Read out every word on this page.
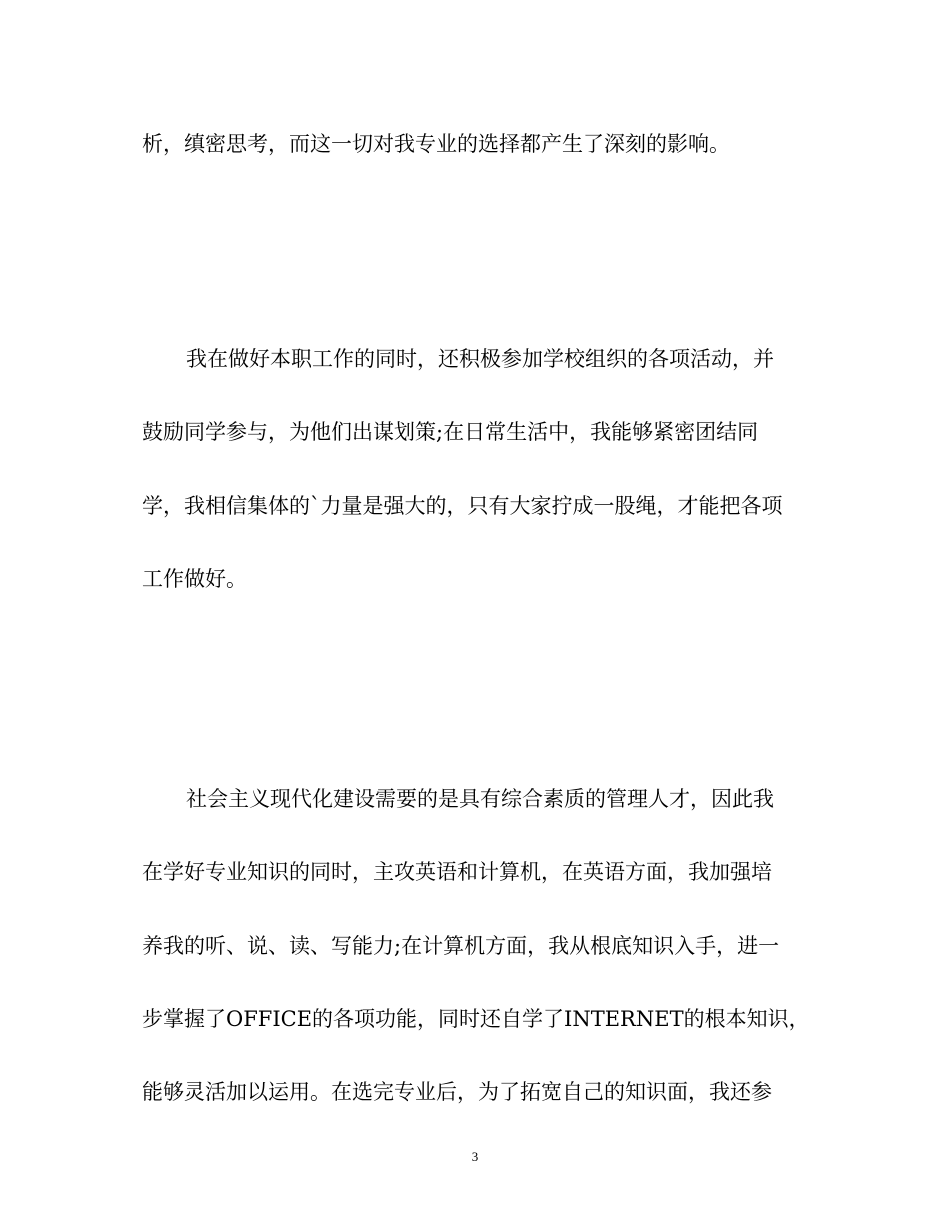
析，缜密思考，而这一切对我专业的选择都产生了深刻的影响。
我在做好本职工作的同时，还积极参加学校组织的各项活动，并
鼓励同学参与，为他们出谋划策;在日常生活中，我能够紧密团结同
学，我相信集体的`力量是强大的，只有大家拧成一股绳，才能把各项
工作做好。
社会主义现代化建设需要的是具有综合素质的管理人才，因此我
在学好专业知识的同时，主攻英语和计算机，在英语方面，我加强培
养我的听、说、读、写能力;在计算机方面，我从根底知识入手，进一
步掌握了OFFICE的各项功能，同时还自学了INTERNET的根本知识，
能够灵活加以运用。在选完专业后，为了拓宽自己的知识面，我还参
3
